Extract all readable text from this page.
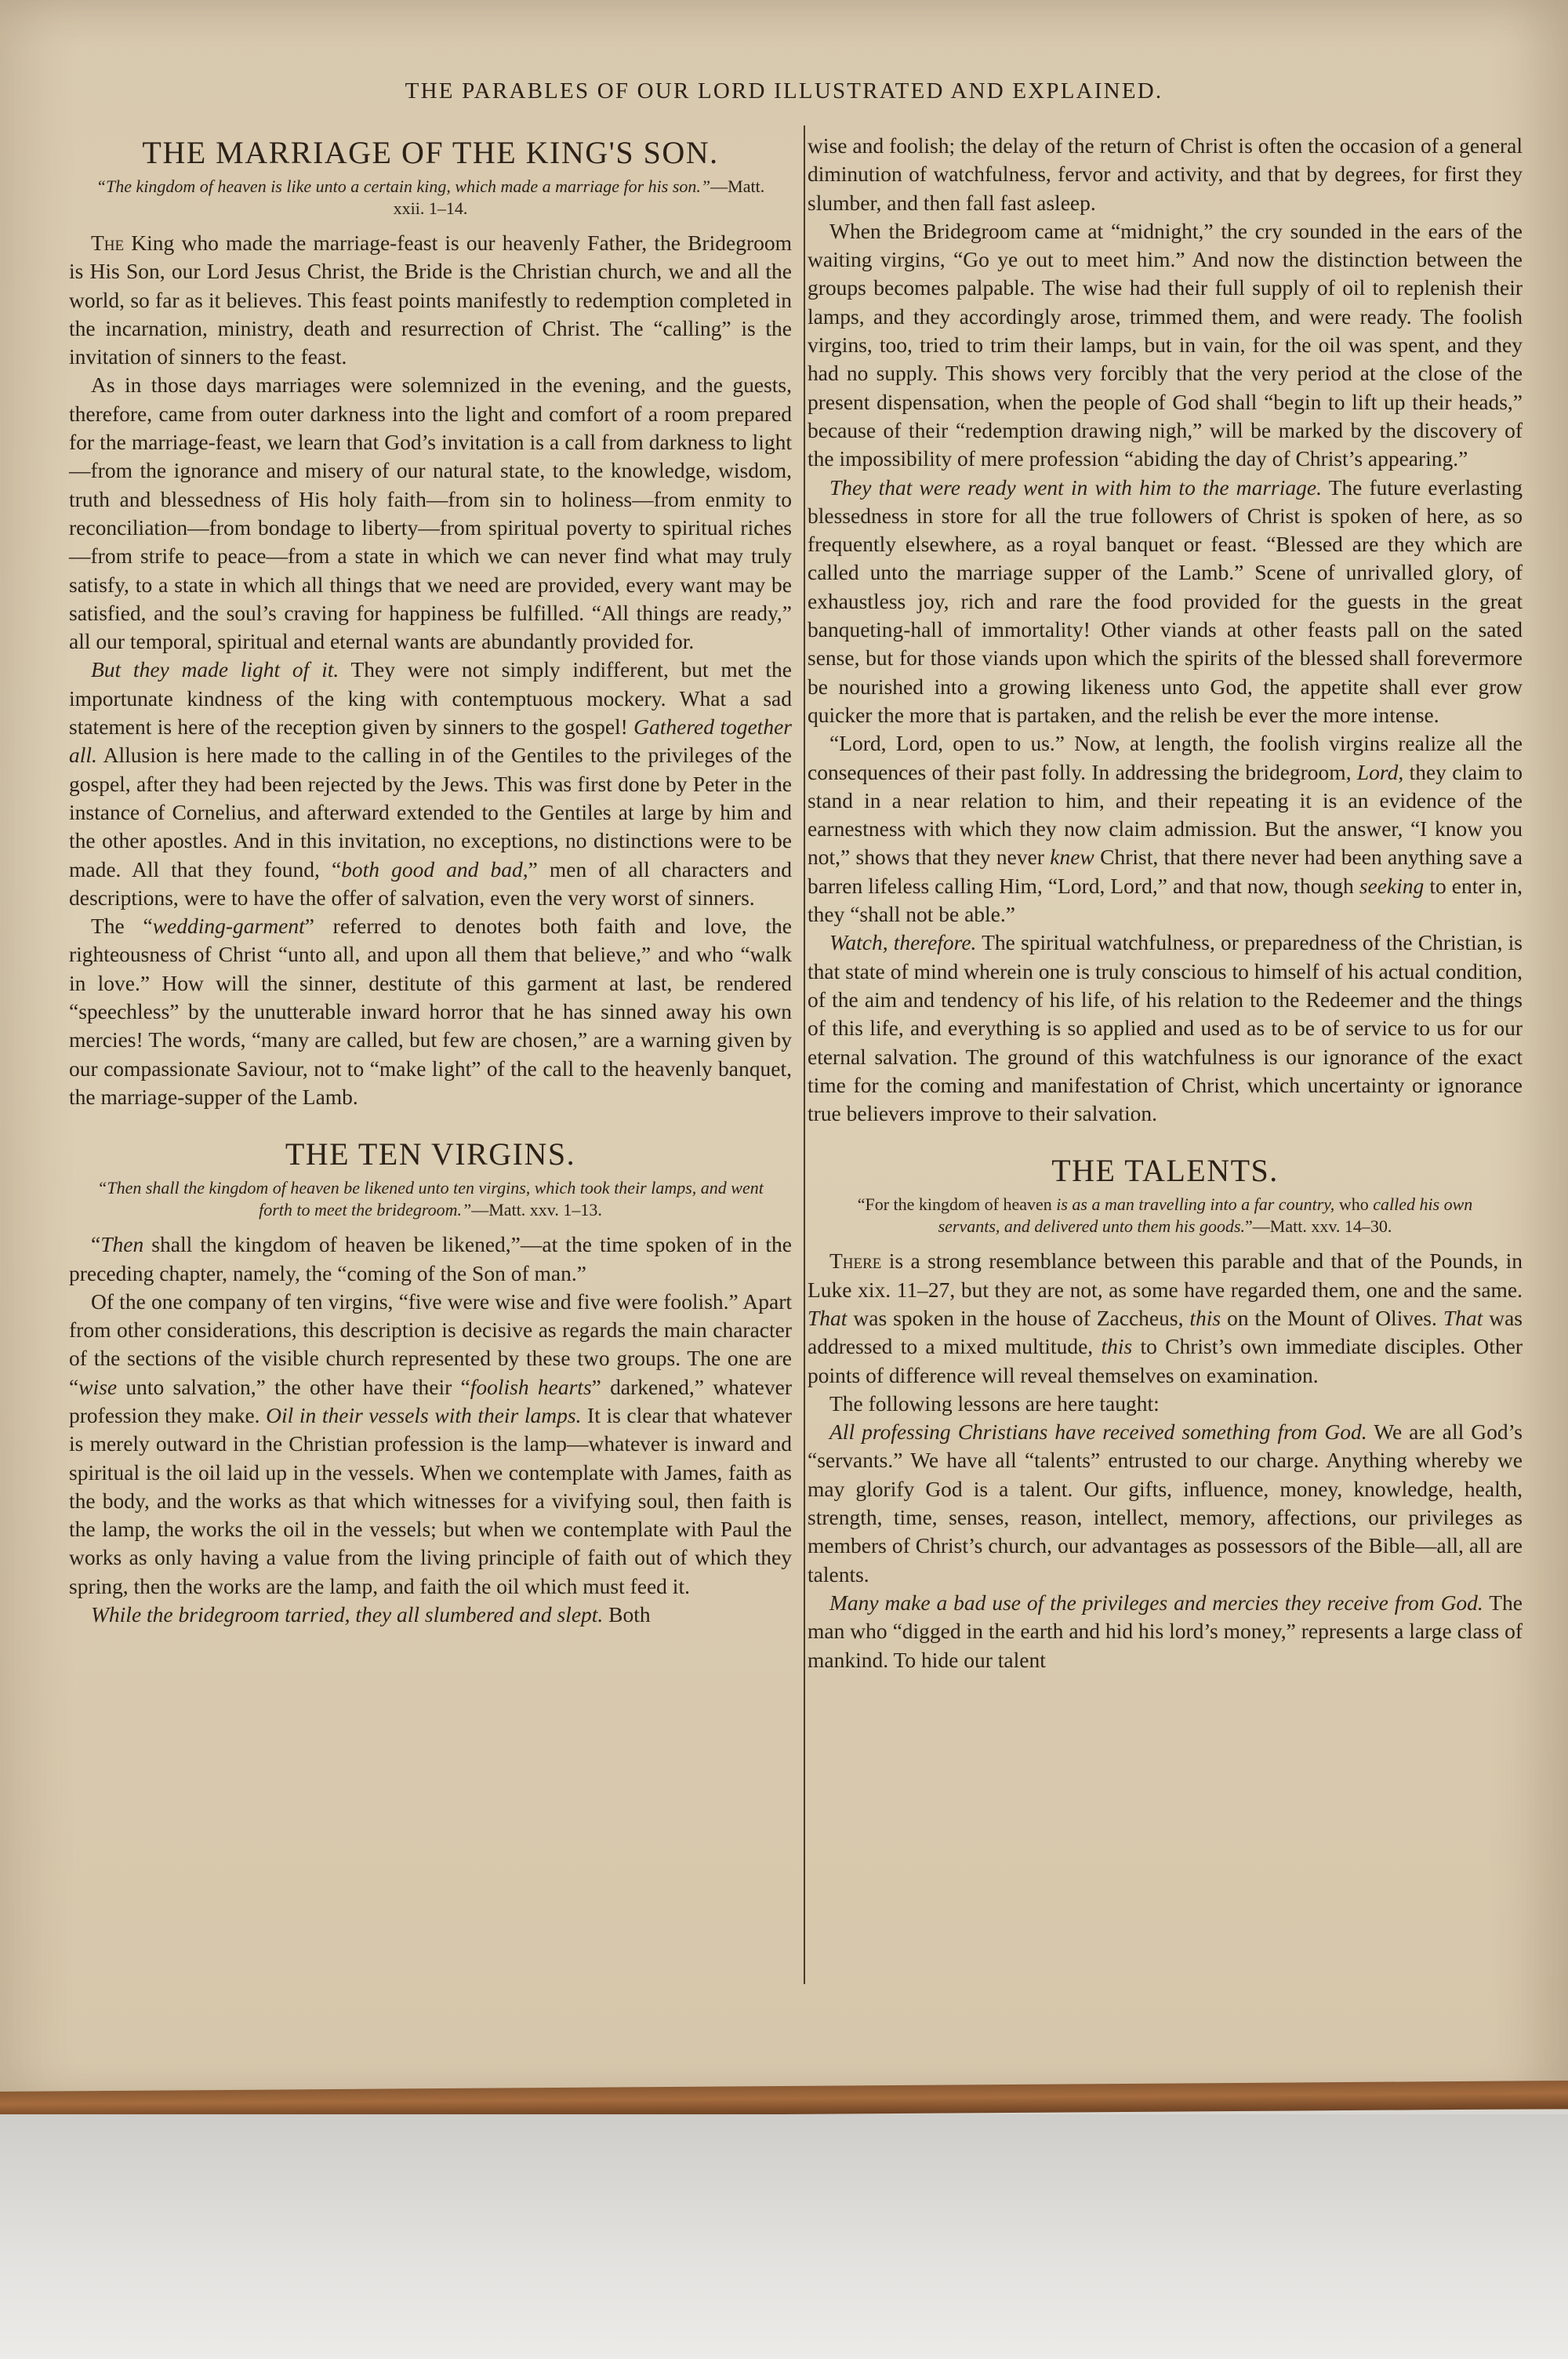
THE PARABLES OF OUR LORD ILLUSTRATED AND EXPLAINED.
THE MARRIAGE OF THE KING'S SON.
“The kingdom of heaven is like unto a certain king, which made a marriage for his son.”—Matt. xxii. 1–14.

The King who made the marriage-feast is our heavenly Father, the Bridegroom is His Son, our Lord Jesus Christ, the Bride is the Christian church, we and all the world, so far as it believes. This feast points manifestly to redemption completed in the incarnation, ministry, death and resurrection of Christ. The “calling” is the invitation of sinners to the feast.

As in those days marriages were solemnized in the evening, and the guests, therefore, came from outer darkness into the light and comfort of a room prepared for the marriage-feast, we learn that God’s invitation is a call from darkness to light—from the ignorance and misery of our natural state, to the knowledge, wisdom, truth and blessedness of His holy faith—from sin to holiness—from enmity to reconciliation—from bondage to liberty—from spiritual poverty to spiritual riches—from strife to peace—from a state in which we can never find what may truly satisfy, to a state in which all things that we need are provided, every want may be satisfied, and the soul’s craving for happiness be fulfilled. “All things are ready,” all our temporal, spiritual and eternal wants are abundantly provided for.

But they made light of it. They were not simply indifferent, but met the importunate kindness of the king with contemptuous mockery. What a sad statement is here of the reception given by sinners to the gospel! Gathered together all. Allusion is here made to the calling in of the Gentiles to the privileges of the gospel, after they had been rejected by the Jews. This was first done by Peter in the instance of Cornelius, and afterward extended to the Gentiles at large by him and the other apostles. And in this invitation, no exceptions, no distinctions were to be made. All that they found, “both good and bad,” men of all characters and descriptions, were to have the offer of salvation, even the very worst of sinners.

The “wedding-garment” referred to denotes both faith and love, the righteousness of Christ “unto all, and upon all them that believe,” and who “walk in love.” How will the sinner, destitute of this garment at last, be rendered “speechless” by the unutterable inward horror that he has sinned away his own mercies! The words, “many are called, but few are chosen,” are a warning given by our compassionate Saviour, not to “make light” of the call to the heavenly banquet, the marriage-supper of the Lamb.

THE TEN VIRGINS.
“Then shall the kingdom of heaven be likened unto ten virgins, which took their lamps, and went forth to meet the bridegroom.”—Matt. xxv. 1–13.

“Then shall the kingdom of heaven be likened,”—at the time spoken of in the preceding chapter, namely, the “coming of the Son of man.”

Of the one company of ten virgins, “five were wise and five were foolish.” Apart from other considerations, this description is decisive as regards the main character of the sections of the visible church represented by these two groups. The one are “wise unto salvation,” the other have their “foolish hearts” darkened,” whatever profession they make. Oil in their vessels with their lamps. It is clear that whatever is merely outward in the Christian profession is the lamp—whatever is inward and spiritual is the oil laid up in the vessels. When we contemplate with James, faith as the body, and the works as that which witnesses for a vivifying soul, then faith is the lamp, the works the oil in the vessels; but when we contemplate with Paul the works as only having a value from the living principle of faith out of which they spring, then the works are the lamp, and faith the oil which must feed it.

While the bridegroom tarried, they all slumbered and slept. Both

wise and foolish; the delay of the return of Christ is often the occasion of a general diminution of watchfulness, fervor and activity, and that by degrees, for first they slumber, and then fall fast asleep.

When the Bridegroom came at “midnight,” the cry sounded in the ears of the waiting virgins, “Go ye out to meet him.” And now the distinction between the groups becomes palpable. The wise had their full supply of oil to replenish their lamps, and they accordingly arose, trimmed them, and were ready. The foolish virgins, too, tried to trim their lamps, but in vain, for the oil was spent, and they had no supply. This shows very forcibly that the very period at the close of the present dispensation, when the people of God shall “begin to lift up their heads,” because of their “redemption drawing nigh,” will be marked by the discovery of the impossibility of mere profession “abiding the day of Christ’s appearing.”

They that were ready went in with him to the marriage. The future everlasting blessedness in store for all the true followers of Christ is spoken of here, as so frequently elsewhere, as a royal banquet or feast. “Blessed are they which are called unto the marriage supper of the Lamb.” Scene of unrivalled glory, of exhaustless joy, rich and rare the food provided for the guests in the great banqueting-hall of immortality! Other viands at other feasts pall on the sated sense, but for those viands upon which the spirits of the blessed shall forevermore be nourished into a growing likeness unto God, the appetite shall ever grow quicker the more that is partaken, and the relish be ever the more intense.

“Lord, Lord, open to us.” Now, at length, the foolish virgins realize all the consequences of their past folly. In addressing the bridegroom, Lord, they claim to stand in a near relation to him, and their repeating it is an evidence of the earnestness with which they now claim admission. But the answer, “I know you not,” shows that they never knew Christ, that there never had been anything save a barren lifeless calling Him, “Lord, Lord,” and that now, though seeking to enter in, they “shall not be able.”

Watch, therefore. The spiritual watchfulness, or preparedness of the Christian, is that state of mind wherein one is truly conscious to himself of his actual condition, of the aim and tendency of his life, of his relation to the Redeemer and the things of this life, and everything is so applied and used as to be of service to us for our eternal salvation. The ground of this watchfulness is our ignorance of the exact time for the coming and manifestation of Christ, which uncertainty or ignorance true believers improve to their salvation.

THE TALENTS.
“For the kingdom of heaven is as a man travelling into a far country, who called his own servants, and delivered unto them his goods.”—Matt. xxv. 14–30.

There is a strong resemblance between this parable and that of the Pounds, in Luke xix. 11–27, but they are not, as some have regarded them, one and the same. That was spoken in the house of Zaccheus, this on the Mount of Olives. That was addressed to a mixed multitude, this to Christ’s own immediate disciples. Other points of difference will reveal themselves on examination.

The following lessons are here taught:

All professing Christians have received something from God. We are all God’s “servants.” We have all “talents” entrusted to our charge. Anything whereby we may glorify God is a talent. Our gifts, influence, money, knowledge, health, strength, time, senses, reason, intellect, memory, affections, our privileges as members of Christ’s church, our advantages as possessors of the Bible—all, all are talents.

Many make a bad use of the privileges and mercies they receive from God. The man who “digged in the earth and hid his lord’s money,” represents a large class of mankind. To hide our talent
